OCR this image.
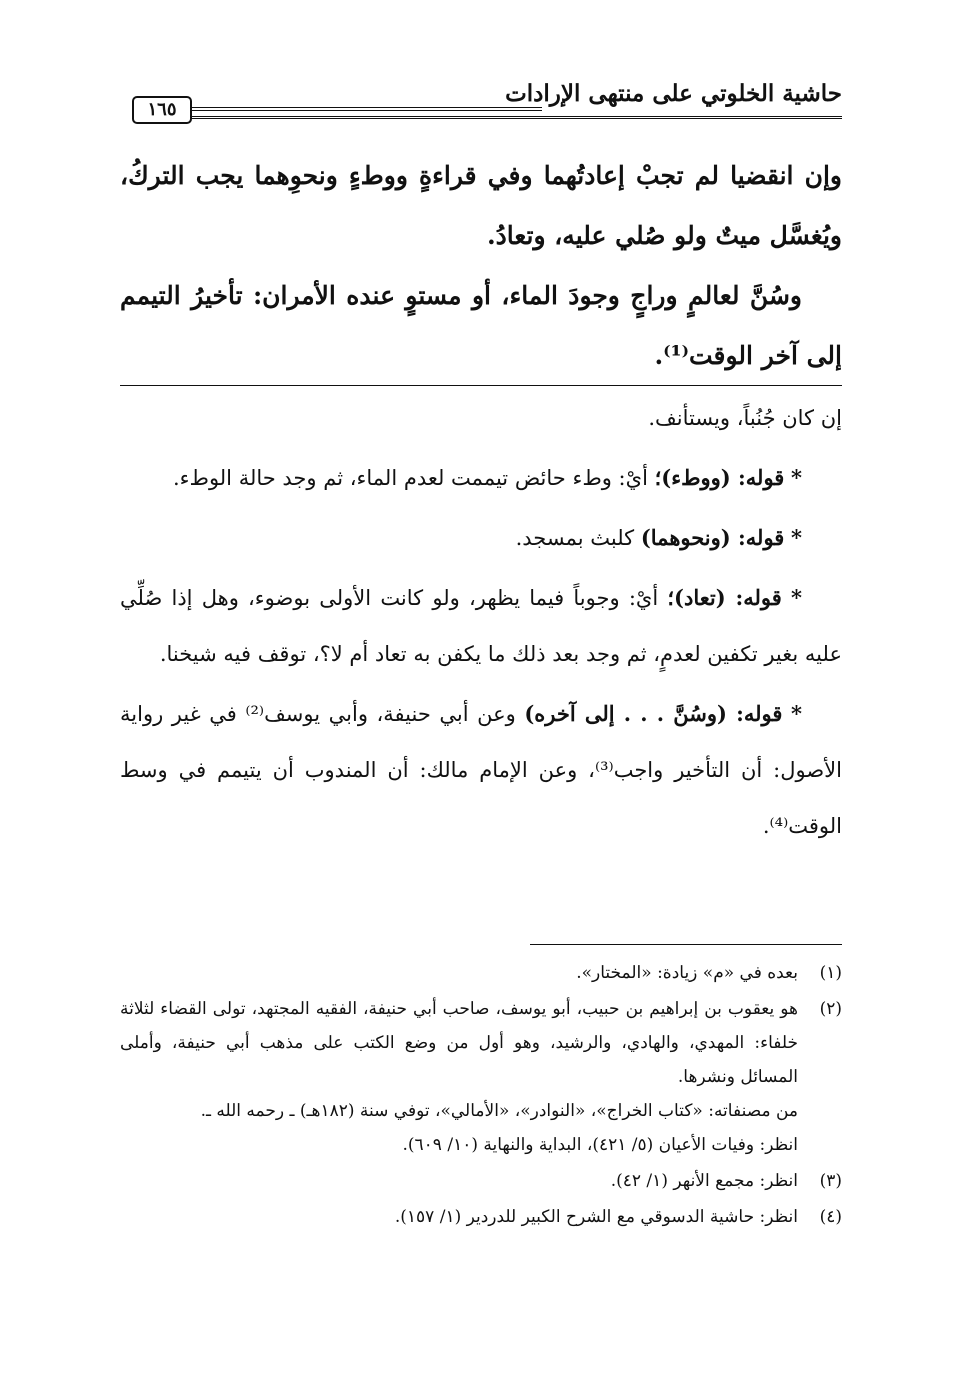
حاشية الخلوتي على منتهى الإرادات
١٦٥

وإن انقضيا لم تجبْ إعادتُهما وفي قراءةٍ ووطءٍ ونحوِهما يجب التركُ، ويُغسَّل ميتٌ ولو صُلي عليه، وتعادُ.

وسُنَّ لعالمٍ وراجٍ وجودَ الماء، أو مستوٍ عنده الأمران: تأخيرُ التيمم إلى آخر الوقت⁽¹⁾.

إن كان جُنُباً، ويستأنف.

* قوله: (ووطء)؛ أيْ: وطء حائض تيممت لعدم الماء، ثم وجد حالة الوطء.

* قوله: (ونحوهما) كلبث بمسجد.

* قوله: (تعاد)؛ أيْ: وجوباً فيما يظهر، ولو كانت الأولى بوضوء، وهل إذا صُلِّي عليه بغير تكفين لعدمٍ، ثم وجد بعد ذلك ما يكفن به تعاد أم لا؟، توقف فيه شيخنا.

* قوله: (وسُنَّ . . . إلى آخره) وعن أبي حنيفة، وأبي يوسف⁽²⁾ في غير رواية الأصول: أن التأخير واجب⁽³⁾، وعن الإمام مالك: أن المندوب أن يتيمم في وسط الوقت⁽⁴⁾.

(١)
بعده في «م» زيادة: «المختار».
(٢)
هو يعقوب بن إبراهيم بن حبيب، أبو يوسف، صاحب أبي حنيفة، الفقيه المجتهد، تولى القضاء لثلاثة خلفاء: المهدي، والهادي، والرشيد، وهو أول من وضع الكتب على مذهب أبي حنيفة، وأملى المسائل ونشرها.
من مصنفاته: «كتاب الخراج»، «النوادر»، «الأمالي»، توفي سنة (١٨٢هـ) ـ رحمه الله ـ.
انظر: وفيات الأعيان (٥/ ٤٢١)، البداية والنهاية (١٠/ ٦٠٩).
(٣)
انظر: مجمع الأنهر (١/ ٤٢).
(٤)
انظر: حاشية الدسوقي مع الشرح الكبير للدردير (١/ ١٥٧).
